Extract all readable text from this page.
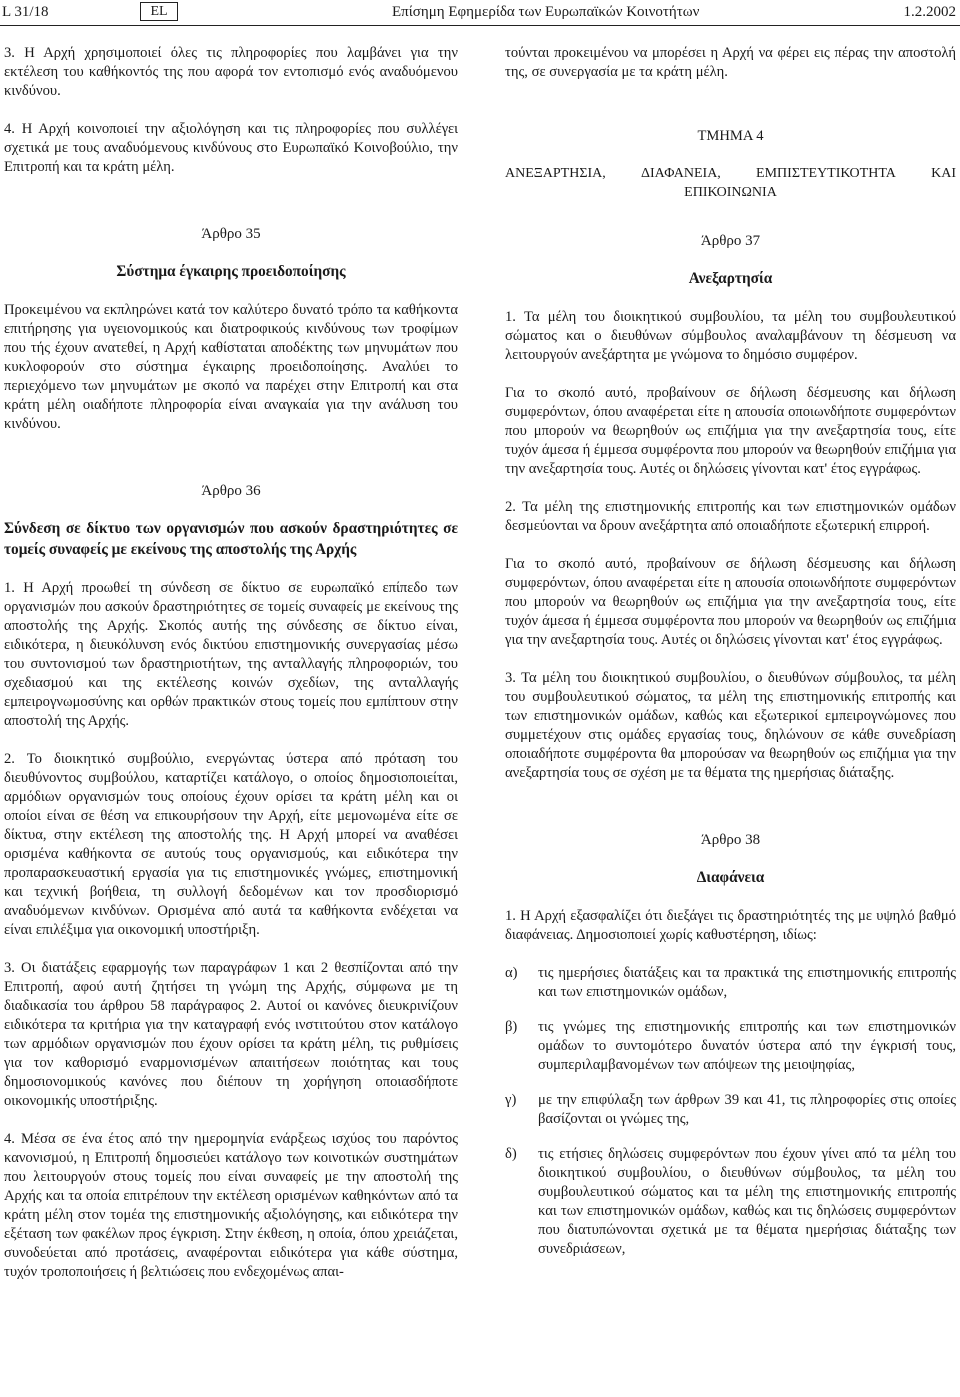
L 31/18	EL	Επίσημη Εφημερίδα των Ευρωπαϊκών Κοινοτήτων	1.2.2002

3. Η Αρχή χρησιμοποιεί όλες τις πληροφορίες που λαμβάνει για την εκτέλεση του καθήκοντός της που αφορά τον εντοπισμό ενός αναδυόμενου κινδύνου.

4. Η Αρχή κοινοποιεί την αξιολόγηση και τις πληροφορίες που συλλέγει σχετικά με τους αναδυόμενους κινδύνους στο Ευρωπαϊκό Κοινοβούλιο, την Επιτροπή και τα κράτη μέλη.

Άρθρο 35
Σύστημα έγκαιρης προειδοποίησης

Προκειμένου να εκπληρώνει κατά τον καλύτερο δυνατό τρόπο τα καθήκοντα επιτήρησης για υγειονομικούς και διατροφικούς κινδύνους των τροφίμων που τής έχουν ανατεθεί, η Αρχή καθίσταται αποδέκτης των μηνυμάτων που κυκλοφορούν στο σύστημα έγκαιρης προειδοποίησης. Αναλύει το περιεχόμενο των μηνυμάτων με σκοπό να παρέχει στην Επιτροπή και στα κράτη μέλη οιαδήποτε πληροφορία είναι αναγκαία για την ανάλυση του κινδύνου.

Άρθρο 36
Σύνδεση σε δίκτυο των οργανισμών που ασκούν δραστηριότητες σε τομείς συναφείς με εκείνους της αποστολής της Αρχής

1. Η Αρχή προωθεί τη σύνδεση σε δίκτυο σε ευρωπαϊκό επίπεδο των οργανισμών που ασκούν δραστηριότητες σε τομείς συναφείς με εκείνους της αποστολής της Αρχής. Σκοπός αυτής της σύνδεσης σε δίκτυο είναι, ειδικότερα, η διευκόλυνση ενός δικτύου επιστημονικής συνεργασίας μέσω του συντονισμού των δραστηριοτήτων, της ανταλλαγής πληροφοριών, του σχεδιασμού και της εκτέλεσης κοινών σχεδίων, της ανταλλαγής εμπειρογνωμοσύνης και ορθών πρακτικών στους τομείς που εμπίπτουν στην αποστολή της Αρχής.

2. Το διοικητικό συμβούλιο, ενεργώντας ύστερα από πρόταση του διευθύνοντος συμβούλου, καταρτίζει κατάλογο, ο οποίος δημοσιοποιείται, αρμόδιων οργανισμών τους οποίους έχουν ορίσει τα κράτη μέλη και οι οποίοι είναι σε θέση να επικουρήσουν την Αρχή, είτε μεμονωμένα είτε σε δίκτυα, στην εκτέλεση της αποστολής της. Η Αρχή μπορεί να αναθέσει ορισμένα καθήκοντα σε αυτούς τους οργανισμούς, και ειδικότερα την προπαρασκευαστική εργασία για τις επιστημονικές γνώμες, επιστημονική και τεχνική βοήθεια, τη συλλογή δεδομένων και τον προσδιορισμό αναδυόμενων κινδύνων. Ορισμένα από αυτά τα καθήκοντα ενδέχεται να είναι επιλέξιμα για οικονομική υποστήριξη.

3. Οι διατάξεις εφαρμογής των παραγράφων 1 και 2 θεσπίζονται από την Επιτροπή, αφού αυτή ζητήσει τη γνώμη της Αρχής, σύμφωνα με τη διαδικασία του άρθρου 58 παράγραφος 2. Αυτοί οι κανόνες διευκρινίζουν ειδικότερα τα κριτήρια για την καταγραφή ενός ινστιτούτου στον κατάλογο των αρμόδιων οργανισμών που έχουν ορίσει τα κράτη μέλη, τις ρυθμίσεις για τον καθορισμό εναρμονισμένων απαιτήσεων ποιότητας και τους δημοσιονομικούς κανόνες που διέπουν τη χορήγηση οποιασδήποτε οικονομικής υποστήριξης.

4. Μέσα σε ένα έτος από την ημερομηνία ενάρξεως ισχύος του παρόντος κανονισμού, η Επιτροπή δημοσιεύει κατάλογο των κοινοτικών συστημάτων που λειτουργούν στους τομείς που είναι συναφείς με την αποστολή της Αρχής και τα οποία επιτρέπουν την εκτέλεση ορισμένων καθηκόντων από τα κράτη μέλη στον τομέα της επιστημονικής αξιολόγησης, και ειδικότερα την εξέταση των φακέλων προς έγκριση. Στην έκθεση, η οποία, όπου χρειάζεται, συνοδεύεται από προτάσεις, αναφέρονται ειδικότερα για κάθε σύστημα, τυχόν τροποποιήσεις ή βελτιώσεις που ενδεχομένως απαι-

τούνται προκειμένου να μπορέσει η Αρχή να φέρει εις πέρας την αποστολή της, σε συνεργασία με τα κράτη μέλη.

ΤΜΗΜΑ 4
ΑΝΕΞΑΡΤΗΣΙΑ,	ΔΙΑΦΑΝΕΙΑ,	ΕΜΠΙΣΤΕΥΤΙΚΟΤΗΤΑ	ΚΑΙ
ΕΠΙΚΟΙΝΩΝΙΑ
Άρθρο 37
Ανεξαρτησία

1. Τα μέλη του διοικητικού συμβουλίου, τα μέλη του συμβουλευτικού σώματος και ο διευθύνων σύμβουλος αναλαμβάνουν τη δέσμευση να λειτουργούν ανεξάρτητα με γνώμονα το δημόσιο συμφέρον.

Για το σκοπό αυτό, προβαίνουν σε δήλωση δέσμευσης και δήλωση συμφερόντων, όπου αναφέρεται είτε η απουσία οποιωνδήποτε συμφερόντων που μπορούν να θεωρηθούν ως επιζήμια για την ανεξαρτησία τους, είτε τυχόν άμεσα ή έμμεσα συμφέροντα που μπορούν να θεωρηθούν επιζήμια για την ανεξαρτησία τους. Αυτές οι δηλώσεις γίνονται κατ' έτος εγγράφως.

2. Τα μέλη της επιστημονικής επιτροπής και των επιστημονικών ομάδων δεσμεύονται να δρουν ανεξάρτητα από οποιαδήποτε εξωτερική επιρροή.

Για το σκοπό αυτό, προβαίνουν σε δήλωση δέσμευσης και δήλωση συμφερόντων, όπου αναφέρεται είτε η απουσία οποιωνδήποτε συμφερόντων που μπορούν να θεωρηθούν ως επιζήμια για την ανεξαρτησία τους, είτε τυχόν άμεσα ή έμμεσα συμφέροντα που μπορούν να θεωρηθούν ως επιζήμια για την ανεξαρτησία τους. Αυτές οι δηλώσεις γίνονται κατ' έτος εγγράφως.

3. Τα μέλη του διοικητικού συμβουλίου, ο διευθύνων σύμβουλος, τα μέλη του συμβουλευτικού σώματος, τα μέλη της επιστημονικής επιτροπής και των επιστημονικών ομάδων, καθώς και εξωτερικοί εμπειρογνώμονες που συμμετέχουν στις ομάδες εργασίας τους, δηλώνουν σε κάθε συνεδρίαση οποιαδήποτε συμφέροντα θα μπορούσαν να θεωρηθούν ως επιζήμια για την ανεξαρτησία τους σε σχέση με τα θέματα της ημερήσιας διάταξης.

Άρθρο 38
Διαφάνεια

1. Η Αρχή εξασφαλίζει ότι διεξάγει τις δραστηριότητές της με υψηλό βαθμό διαφάνειας. Δημοσιοποιεί χωρίς καθυστέρηση, ιδίως:

α)	τις ημερήσιες διατάξεις και τα πρακτικά της επιστημονικής επιτροπής και των επιστημονικών ομάδων,
β)	τις γνώμες της επιστημονικής επιτροπής και των επιστημονικών ομάδων το συντομότερο δυνατόν ύστερα από την έγκρισή τους, συμπεριλαμβανομένων των απόψεων της μειοψηφίας,
γ)	με την επιφύλαξη των άρθρων 39 και 41, τις πληροφορίες στις οποίες βασίζονται οι γνώμες της,
δ)	τις ετήσιες δηλώσεις συμφερόντων που έχουν γίνει από τα μέλη του διοικητικού συμβουλίου, ο διευθύνων σύμβουλος, τα μέλη του συμβουλευτικού σώματος και τα μέλη της επιστημονικής επιτροπής και των επιστημονικών ομάδων, καθώς και τις δηλώσεις συμφερόντων που διατυπώνονται σχετικά με τα θέματα ημερήσιας διάταξης των συνεδριάσεων,
